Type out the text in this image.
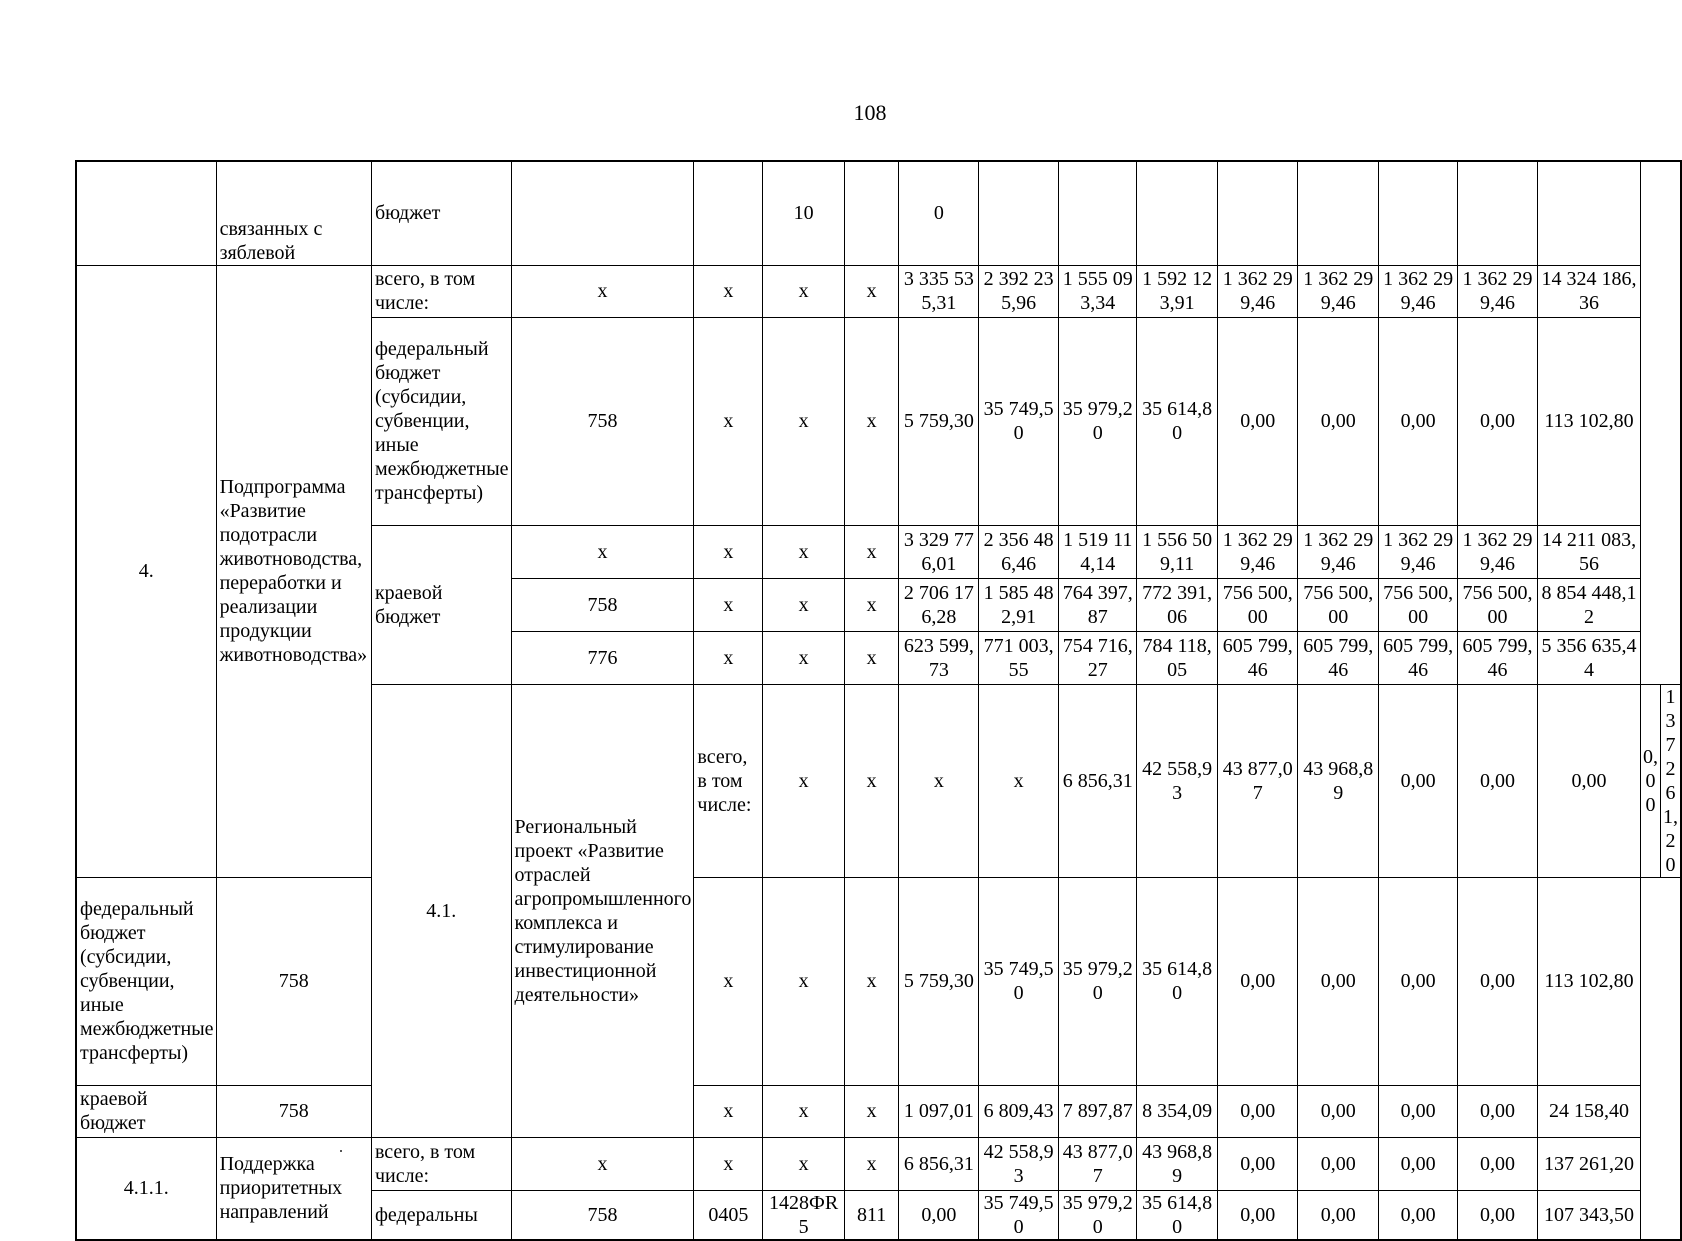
108
	связанных с зяблевой	бюджет			10		0										
4.	Подпрограмма «Развитие подотрасли животноводства, переработки и реализации продукции животноводства»	всего, в том числе:	x	x	x	x	3 335 535,31	2 392 235,96	1 555 093,34	1 592 123,91	1 362 299,46	1 362 299,46	1 362 299,46	1 362 299,46	14 324 186,36		
		федеральный бюджет (субсидии, субвенции, иные межбюджетные трансферты)	758	x	x	x	5 759,30	35 749,50	35 979,20	35 614,80	0,00	0,00	0,00	0,00	113 102,80		
		краевой бюджет	x	x	x	x	3 329 776,01	2 356 486,46	1 519 114,14	1 556 509,11	1 362 299,46	1 362 299,46	1 362 299,46	1 362 299,46	14 211 083,56		
			758	x	x	x	2 706 176,28	1 585 482,91	764 397,87	772 391,06	756 500,00	756 500,00	756 500,00	756 500,00	8 854 448,12		
			776	x	x	x	623 599,73	771 003,55	754 716,27	784 118,05	605 799,46	605 799,46	605 799,46	605 799,46	5 356 635,44		
		4.1.	Региональный проект «Развитие отраслей агропромышленного комплекса и стимулирование инвестиционной деятельности»	всего, в том числе:	x	x	x	x	6 856,31	42 558,93	43 877,07	43 968,89	0,00	0,00	0,00	0,00	137 261,20
федеральный бюджет (субсидии, субвенции, иные межбюджетные трансферты)	758			x	x	x	5 759,30	35 749,50	35 979,20	35 614,80	0,00	0,00	0,00	0,00	113 102,80		
краевой бюджет	758			x	x	x	1 097,01	6 809,43	7 897,87	8 354,09	0,00	0,00	0,00	0,00	24 158,40		
4.1.1.	Поддержка приоритетных направлений	всего, в том числе:	x	x	x	x	6 856,31	42 558,93	43 877,07	43 968,89	0,00	0,00	0,00	0,00	137 261,20		
		федеральны	758	0405	1428ФR5	811	0,00	35 749,50	35 979,20	35 614,80	0,00	0,00	0,00	0,00	107 343,50		
